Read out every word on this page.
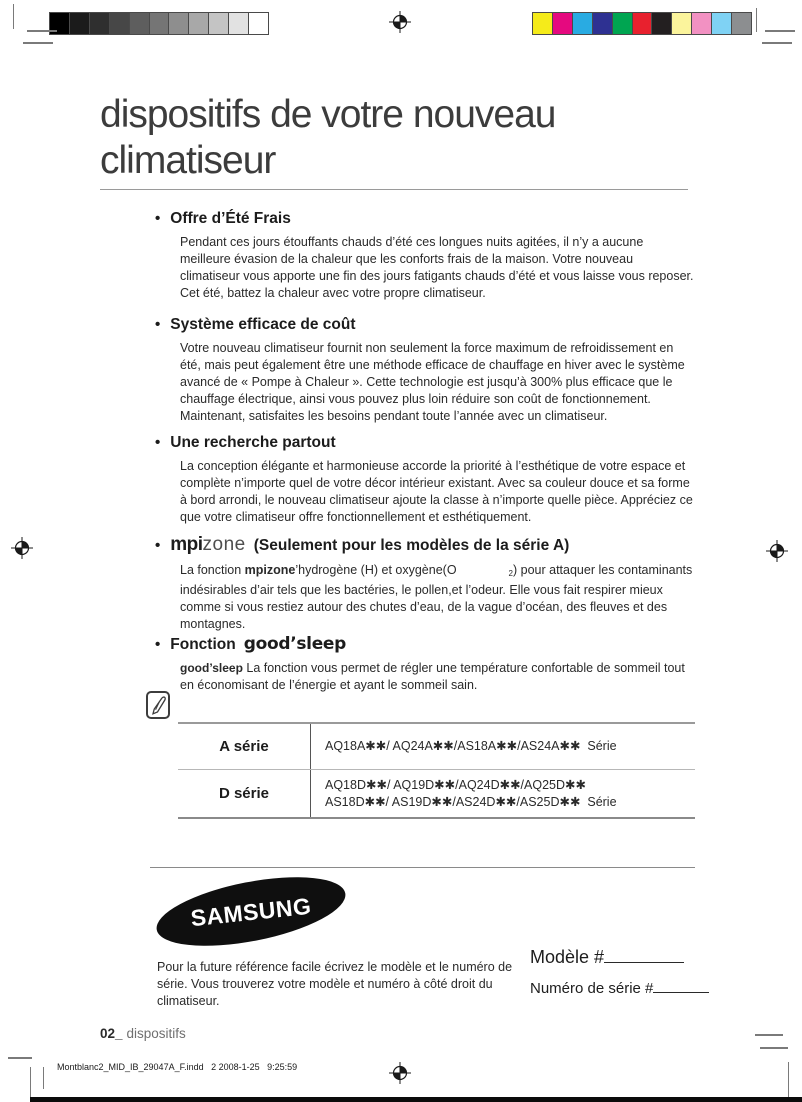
dispositifs de votre nouveau
climatiseur
•
Offre d’Été Frais

Pendant ces jours étouffants chauds d’été ces longues nuits agitées, il n’y a aucune meilleure évasion de la chaleur que les conforts frais de la maison. Votre nouveau climatiseur vous apporte une fin des jours fatigants chauds d’été et vous laisse vous reposer. Cet été, battez la chaleur avec votre propre climatiseur.

•
Système efficace de coût

Votre nouveau climatiseur fournit non seulement la force maximum de refroidissement en été, mais peut également être une méthode efficace de chauffage en hiver avec le système avancé de « Pompe à Chaleur ». Cette technologie est jusqu’à 300% plus efficace que le chauffage électrique, ainsi vous pouvez plus loin réduire son coût de fonctionnement. Maintenant, satisfaites les besoins pendant toute l’année avec un climatiseur.

•
Une recherche partout

La conception élégante et harmonieuse accorde la priorité à l’esthétique de votre espace et complète n’importe quel de votre décor intérieur existant. Avec sa couleur douce et sa forme à bord arrondi, le nouveau climatiseur ajoute la classe à n’importe quelle pièce. Appréciez ce que votre climatiseur offre fonctionnellement et esthétiquement.

•
mpi zone (Seulement pour les modèles de la série A)

La fonction mpizone’hydrogène (H) et oxygène(O	2) pour attaquer les contaminants indésirables d’air tels que les bactéries, le pollen,et l’odeur. Elle vous fait respirer mieux comme si vous restiez autour des chutes d’eau, de la vague d’océan, des fleuves et des montagnes.

•
Fonction good’sleep

good’sleep La fonction vous permet de régler une température confortable de sommeil tout en économisant de l’énergie et ayant le sommeil sain.

A série	AQ18A✱✱/ AQ24A✱✱/AS18A✱✱/AS24A✱✱  Série
D série
AQ18D✱✱/ AQ19D✱✱/AQ24D✱✱/AQ25D✱✱
AS18D✱✱/ AS19D✱✱/AS24D✱✱/AS25D✱✱  Série
SAMSUNG

Pour la future référence facile écrivez le modèle et le numéro de série. Vous trouverez votre modèle et numéro à côté droit du climatiseur.

Modèle #
Numéro de série #
02_ dispositifs
Montblanc2_MID_IB_29047A_F.indd   2 2008-1-25   9:25:59
